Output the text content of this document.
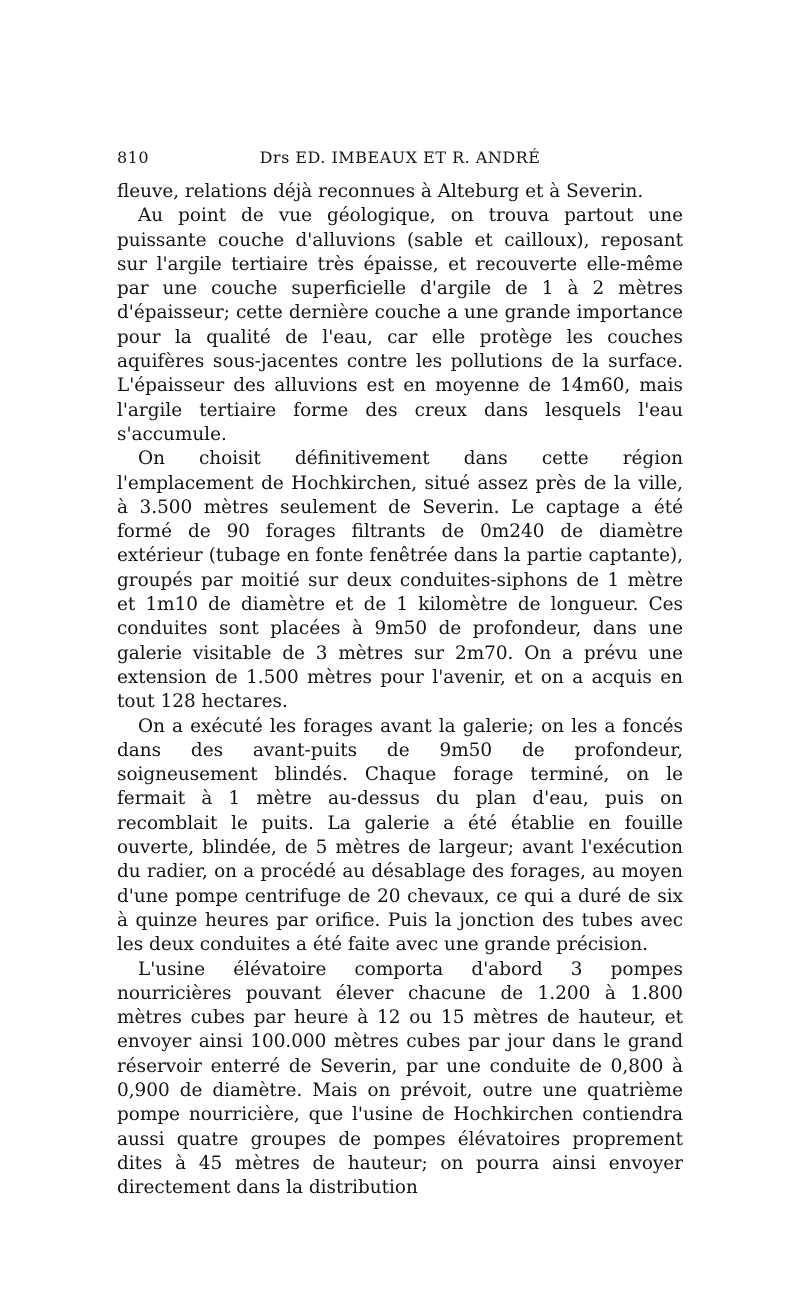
810	Drs ED. IMBEAUX ET R. ANDRÉ

fleuve, relations déjà reconnues à Alteburg et à Severin.

Au point de vue géologique, on trouva partout une puissante couche d'alluvions (sable et cailloux), reposant sur l'argile tertiaire très épaisse, et recouverte elle-même par une couche superficielle d'argile de 1 à 2 mètres d'épaisseur; cette dernière couche a une grande importance pour la qualité de l'eau, car elle protège les couches aquifères sous-jacentes contre les pollutions de la surface. L'épaisseur des alluvions est en moyenne de 14m60, mais l'argile tertiaire forme des creux dans lesquels l'eau s'accumule.

On choisit définitivement dans cette région l'emplacement de Hochkirchen, situé assez près de la ville, à 3.500 mètres seulement de Severin. Le captage a été formé de 90 forages filtrants de 0m240 de diamètre extérieur (tubage en fonte fenêtrée dans la partie captante), groupés par moitié sur deux conduites-siphons de 1 mètre et 1m10 de diamètre et de 1 kilomètre de longueur. Ces conduites sont placées à 9m50 de profondeur, dans une galerie visitable de 3 mètres sur 2m70. On a prévu une extension de 1.500 mètres pour l'avenir, et on a acquis en tout 128 hectares.

On a exécuté les forages avant la galerie; on les a foncés dans des avant-puits de 9m50 de profondeur, soigneusement blindés. Chaque forage terminé, on le fermait à 1 mètre au-dessus du plan d'eau, puis on recomblait le puits. La galerie a été établie en fouille ouverte, blindée, de 5 mètres de largeur; avant l'exécution du radier, on a procédé au désablage des forages, au moyen d'une pompe centrifuge de 20 chevaux, ce qui a duré de six à quinze heures par orifice. Puis la jonction des tubes avec les deux conduites a été faite avec une grande précision.

L'usine élévatoire comporta d'abord 3 pompes nourricières pouvant élever chacune de 1.200 à 1.800 mètres cubes par heure à 12 ou 15 mètres de hauteur, et envoyer ainsi 100.000 mètres cubes par jour dans le grand réservoir enterré de Severin, par une conduite de 0,800 à 0,900 de diamètre. Mais on prévoit, outre une quatrième pompe nourricière, que l'usine de Hochkirchen contiendra aussi quatre groupes de pompes élévatoires proprement dites à 45 mètres de hauteur; on pourra ainsi envoyer directement dans la distribution
